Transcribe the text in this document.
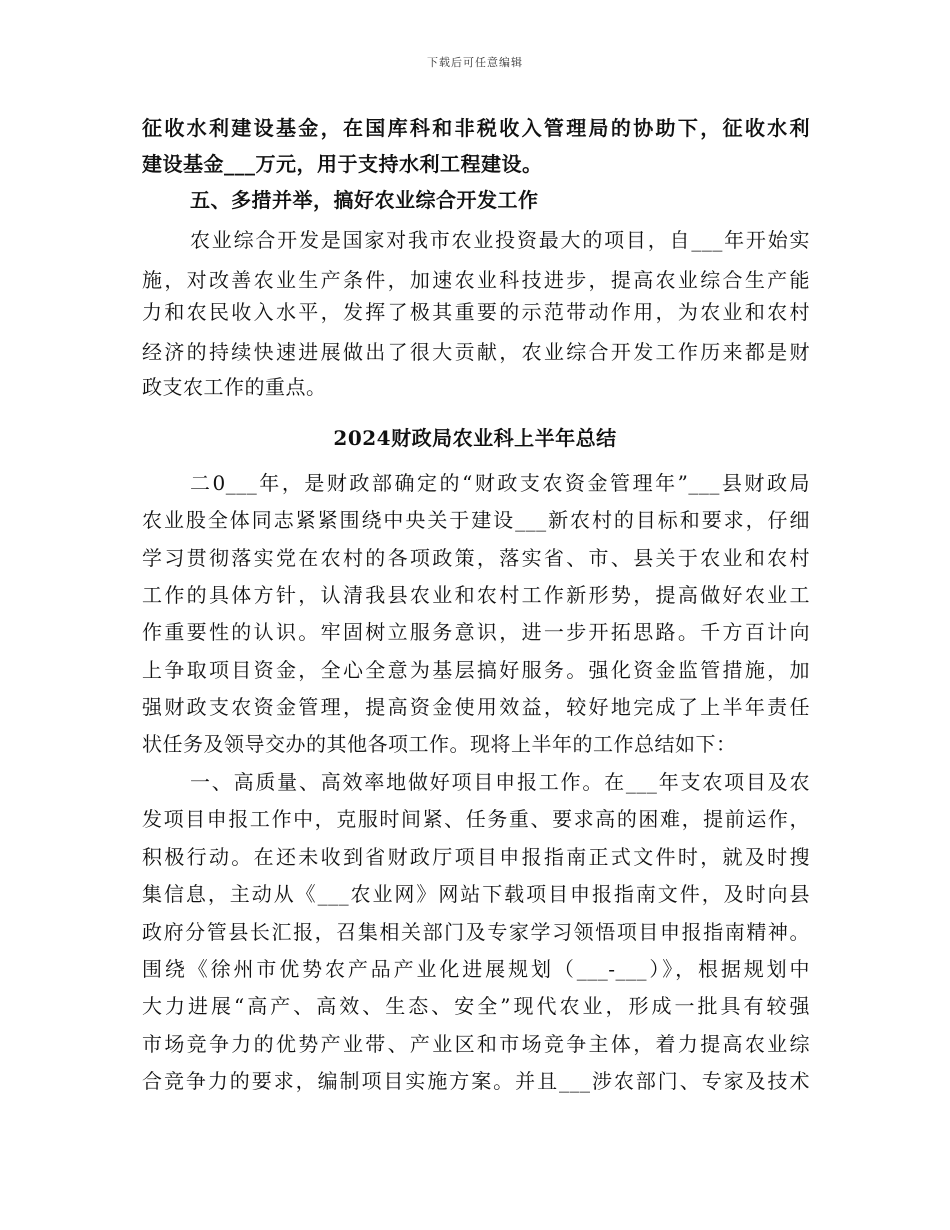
下载后可任意编辑
征收水利建设基金，在国库科和非税收入管理局的协助下，征收水利
建设基金___万元，用于支持水利工程建设。
五、多措并举，搞好农业综合开发工作
农业综合开发是国家对我市农业投资最大的项目，自___年开始实
施，对改善农业生产条件，加速农业科技进步，提高农业综合生产能
力和农民收入水平，发挥了极其重要的示范带动作用，为农业和农村
经济的持续快速进展做出了很大贡献，农业综合开发工作历来都是财
政支农工作的重点。
2024财政局农业科上半年总结
二0___年，是财政部确定的“财政支农资金管理年”___县财政局
农业股全体同志紧紧围绕中央关于建设___新农村的目标和要求，仔细
学习贯彻落实党在农村的各项政策，落实省、市、县关于农业和农村
工作的具体方针，认清我县农业和农村工作新形势，提高做好农业工
作重要性的认识。牢固树立服务意识，进一步开拓思路。千方百计向
上争取项目资金，全心全意为基层搞好服务。强化资金监管措施，加
强财政支农资金管理，提高资金使用效益，较好地完成了上半年责任
状任务及领导交办的其他各项工作。现将上半年的工作总结如下：
一、高质量、高效率地做好项目申报工作。在___年支农项目及农
发项目申报工作中，克服时间紧、任务重、要求高的困难，提前运作，
积极行动。在还未收到省财政厅项目申报指南正式文件时，就及时搜
集信息，主动从《___农业网》网站下载项目申报指南文件，及时向县
政府分管县长汇报，召集相关部门及专家学习领悟项目申报指南精神。
围绕《徐州市优势农产品产业化进展规划（___-___）》，根据规划中
大力进展“高产、高效、生态、安全”现代农业，形成一批具有较强
市场竞争力的优势产业带、产业区和市场竞争主体，着力提高农业综
合竞争力的要求，编制项目实施方案。并且___涉农部门、专家及技术
